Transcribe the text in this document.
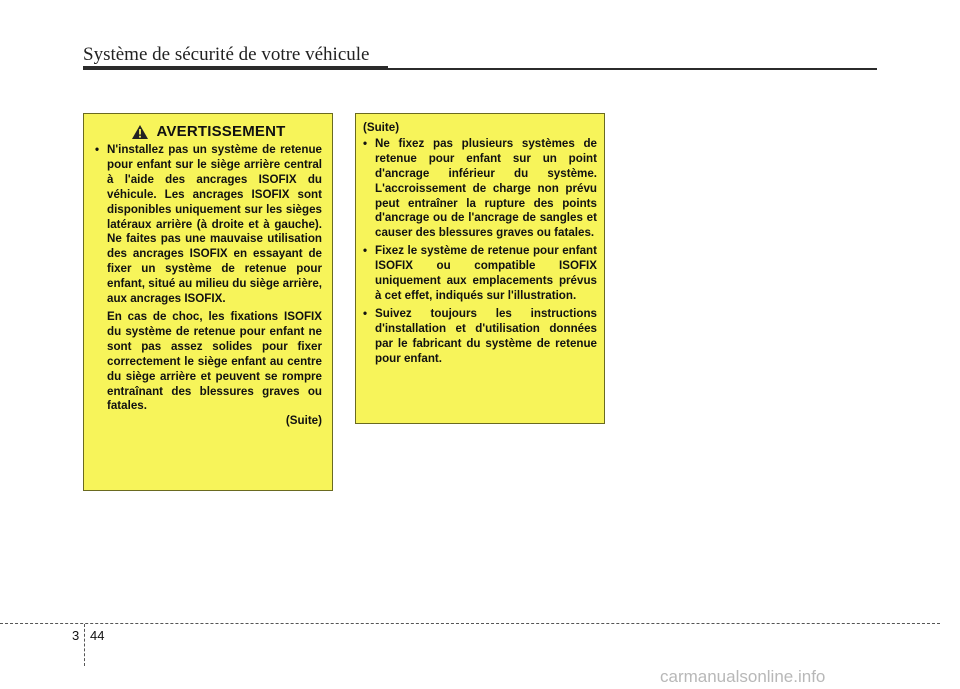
Système de sécurité de votre véhicule
AVERTISSEMENT
• N'installez pas un système de retenue pour enfant sur le siège arrière central à l'aide des ancrages ISOFIX du véhicule. Les ancrages ISOFIX sont disponibles uniquement sur les sièges latéraux arrière (à droite et à gauche). Ne faites pas une mauvaise utilisation des ancrages ISOFIX en essayant de fixer un système de retenue pour enfant, situé au milieu du siège arrière, aux ancrages ISOFIX.
En cas de choc, les fixations ISOFIX du système de retenue pour enfant ne sont pas assez solides pour fixer correctement le siège enfant au centre du siège arrière et peuvent se rompre entraînant des blessures graves ou fatales.
(Suite)
(Suite)
• Ne fixez pas plusieurs systèmes de retenue pour enfant sur un point d'ancrage inférieur du système. L'accroissement de charge non prévu peut entraîner la rupture des points d'ancrage ou de l'ancrage de sangles et causer des blessures graves ou fatales.
• Fixez le système de retenue pour enfant ISOFIX ou compatible ISOFIX uniquement aux emplacements prévus à cet effet, indiqués sur l'illustration.
• Suivez toujours les instructions d'installation et d'utilisation données par le fabricant du système de retenue pour enfant.
3 44
carmanualsonline.info
